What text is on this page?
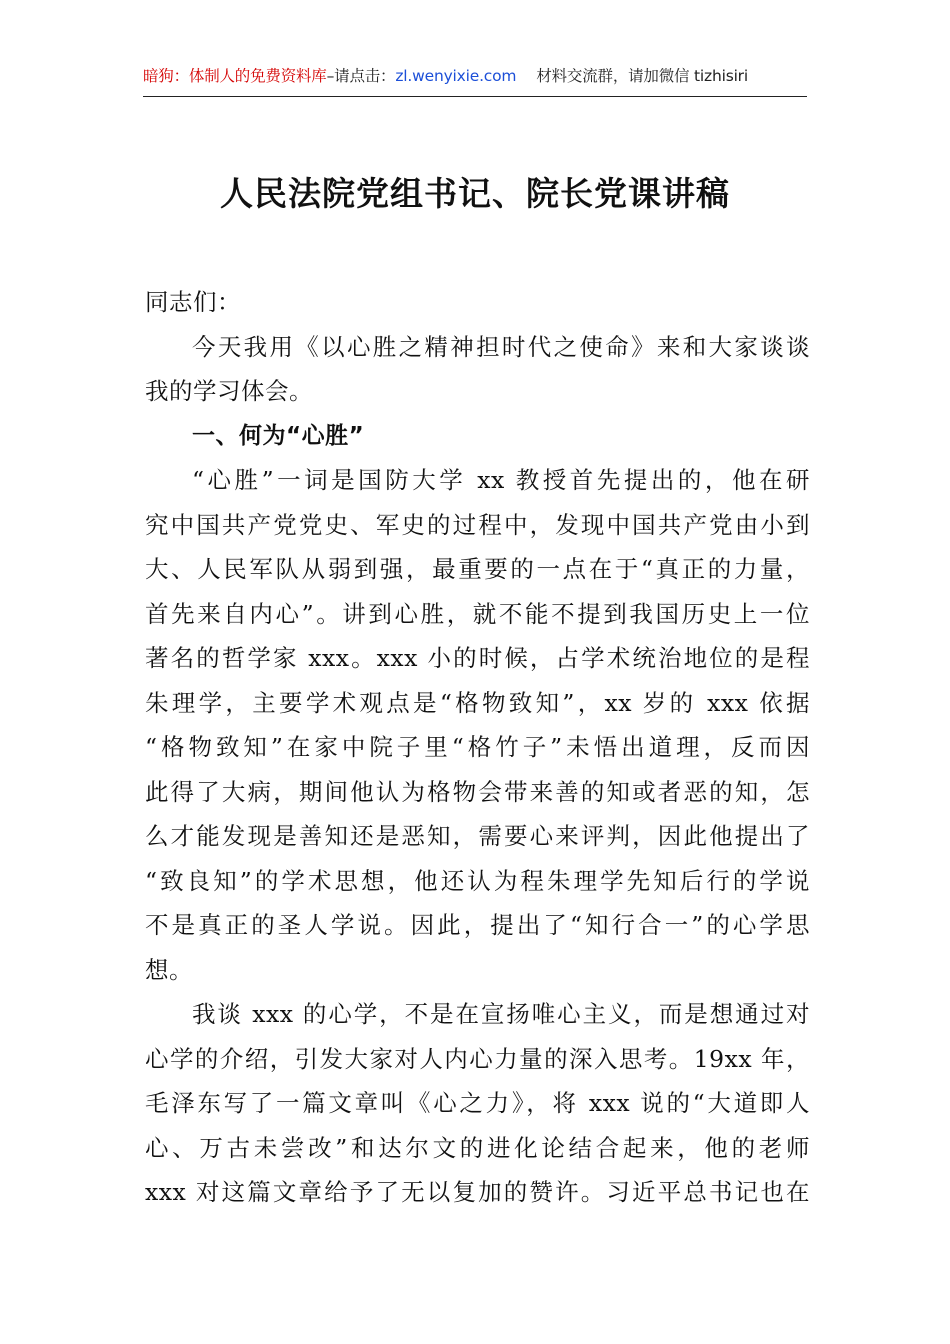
暗狗：体制人的免费资料库–请点击：zl.wenyixie.com 材料交流群，请加微信 tizhisiri
人民法院党组书记、院长党课讲稿
同志们：
今天我用《以心胜之精神担时代之使命》来和大家谈谈
我的学习体会。
一、何为“心胜”
“心胜”一词是国防大学 xx 教授首先提出的，他在研
究中国共产党党史、军史的过程中，发现中国共产党由小到
大、人民军队从弱到强，最重要的一点在于“真正的力量，
首先来自内心”。讲到心胜，就不能不提到我国历史上一位
著名的哲学家 xxx。xxx 小的时候，占学术统治地位的是程
朱理学，主要学术观点是“格物致知”，xx 岁的 xxx 依据
“格物致知”在家中院子里“格竹子”未悟出道理，反而因
此得了大病，期间他认为格物会带来善的知或者恶的知，怎
么才能发现是善知还是恶知，需要心来评判，因此他提出了
“致良知”的学术思想，他还认为程朱理学先知后行的学说
不是真正的圣人学说。因此，提出了“知行合一”的心学思
想。
我谈 xxx 的心学，不是在宣扬唯心主义，而是想通过对
心学的介绍，引发大家对人内心力量的深入思考。19xx 年，
毛泽东写了一篇文章叫《心之力》，将 xxx 说的“大道即人
心、万古未尝改”和达尔文的进化论结合起来，他的老师
xxx 对这篇文章给予了无以复加的赞许。习近平总书记也在
